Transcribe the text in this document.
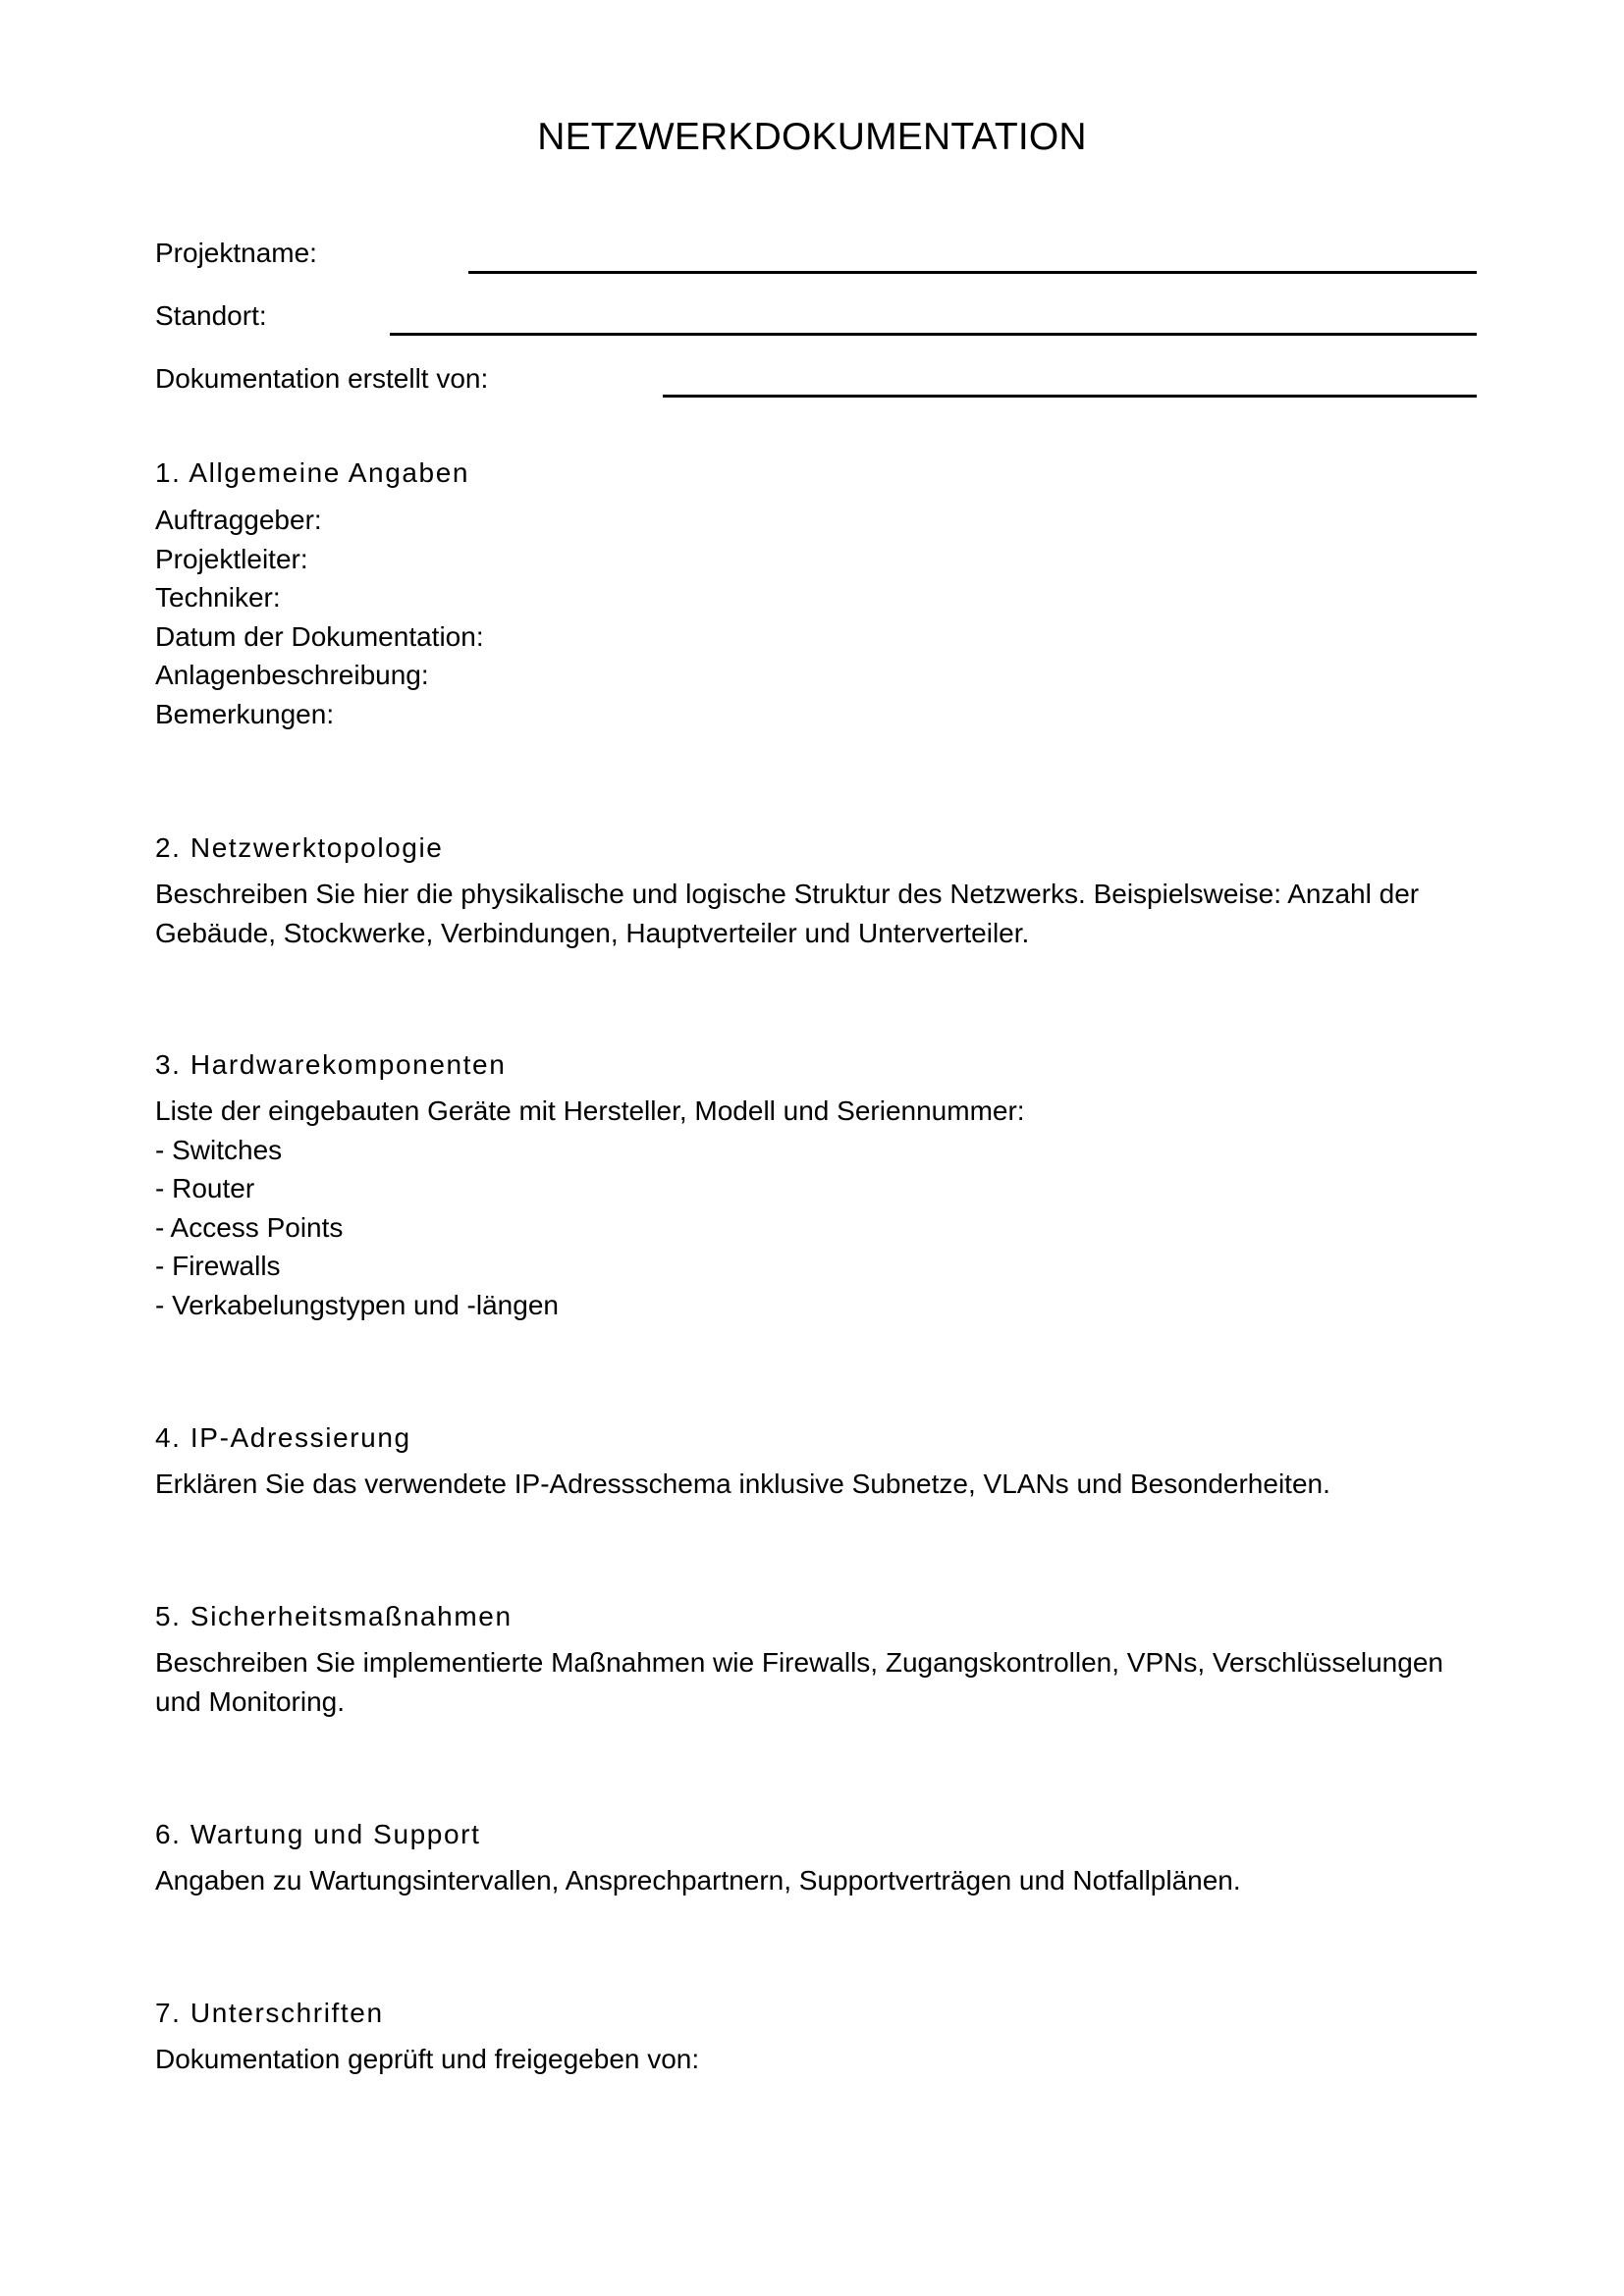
NETZWERKDOKUMENTATION
Projektname:
Standort:
Dokumentation erstellt von:
1. Allgemeine Angaben
Auftraggeber:
Projektleiter:
Techniker:
Datum der Dokumentation:
Anlagenbeschreibung:
Bemerkungen:
2. Netzwerktopologie
Beschreiben Sie hier die physikalische und logische Struktur des Netzwerks. Beispielsweise: Anzahl der
Gebäude, Stockwerke, Verbindungen, Hauptverteiler und Unterverteiler.
3. Hardwarekomponenten
Liste der eingebauten Geräte mit Hersteller, Modell und Seriennummer:
- Switches
- Router
- Access Points
- Firewalls
- Verkabelungstypen und -längen
4. IP-Adressierung
Erklären Sie das verwendete IP-Adressschema inklusive Subnetze, VLANs und Besonderheiten.
5. Sicherheitsmaßnahmen
Beschreiben Sie implementierte Maßnahmen wie Firewalls, Zugangskontrollen, VPNs, Verschlüsselungen
und Monitoring.
6. Wartung und Support
Angaben zu Wartungsintervallen, Ansprechpartnern, Supportverträgen und Notfallplänen.
7. Unterschriften
Dokumentation geprüft und freigegeben von:
